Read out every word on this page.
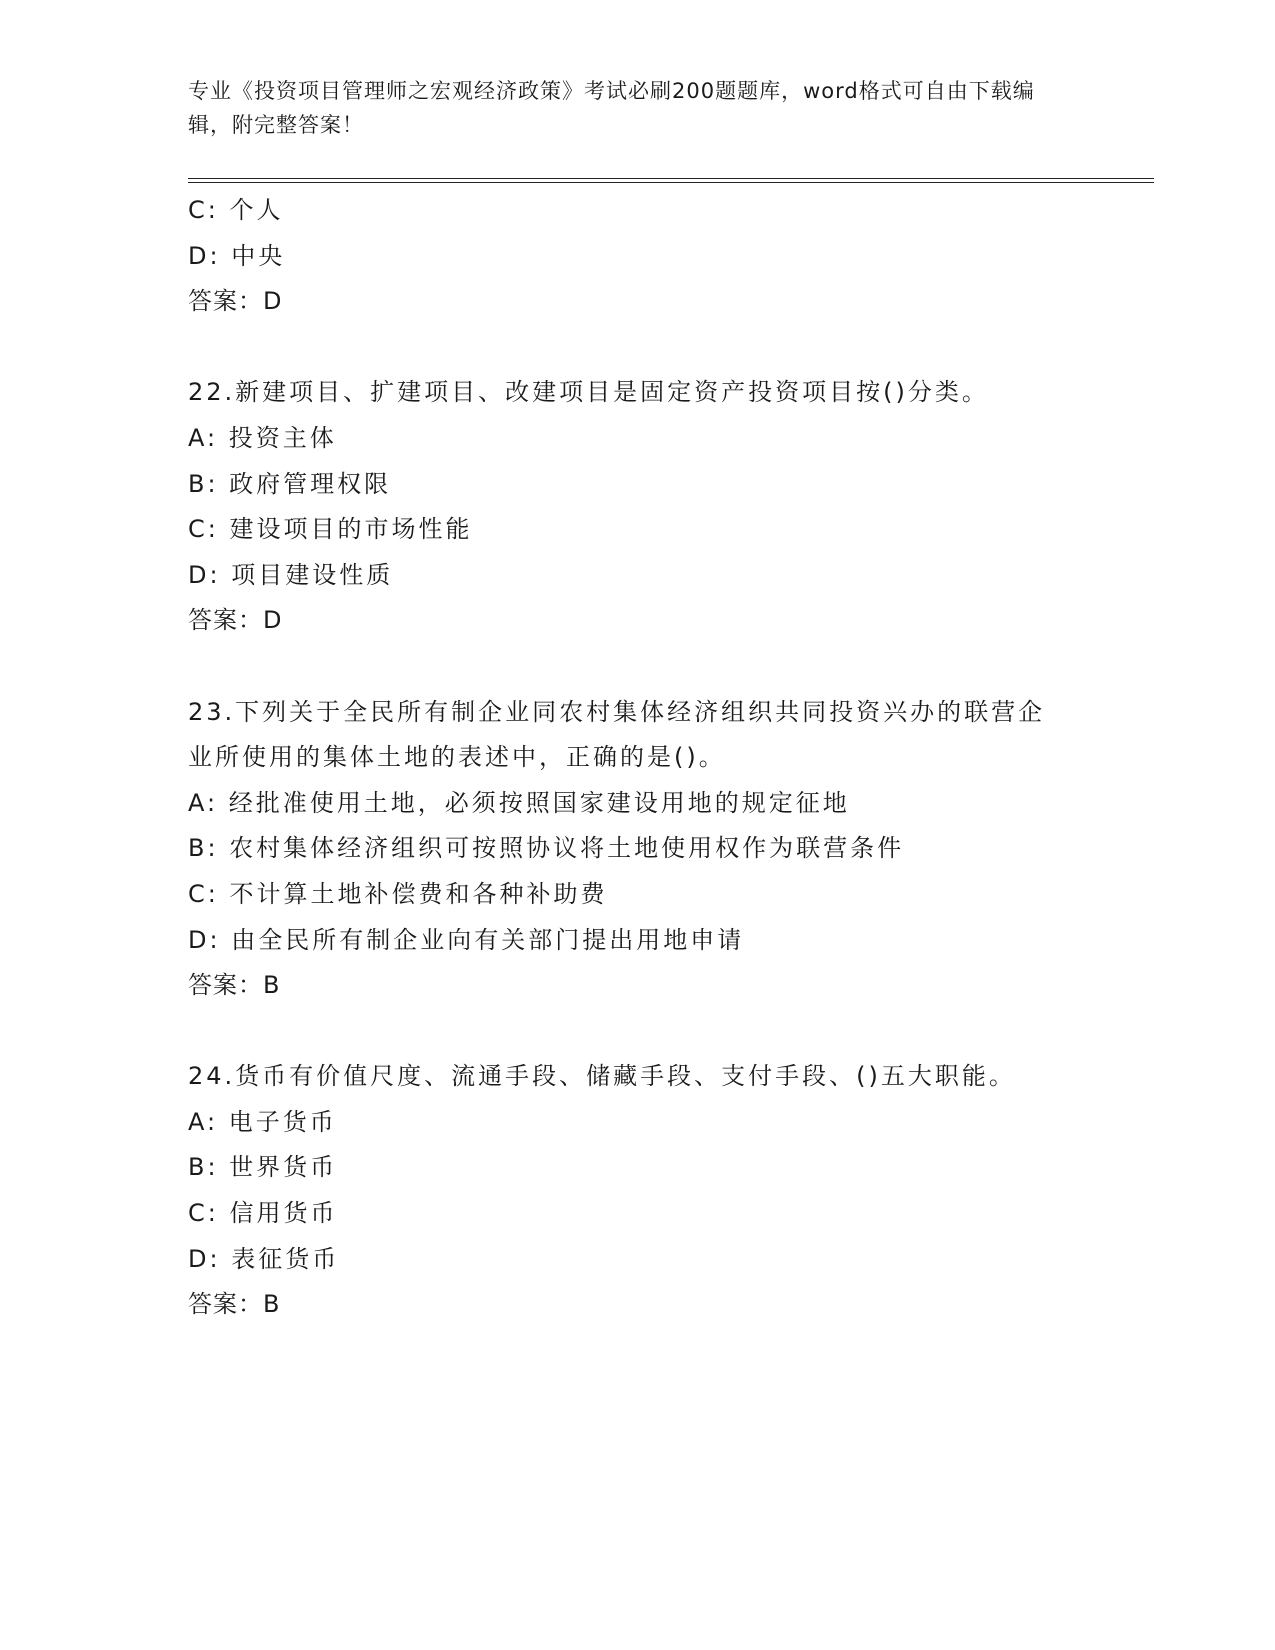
专业《投资项目管理师之宏观经济政策》考试必刷200题题库，word格式可自由下载编辑，附完整答案！
C: 个人
D: 中央
答案：D
22.新建项目、扩建项目、改建项目是固定资产投资项目按()分类。
A: 投资主体
B: 政府管理权限
C: 建设项目的市场性能
D: 项目建设性质
答案：D
23.下列关于全民所有制企业同农村集体经济组织共同投资兴办的联营企业所使用的集体土地的表述中，正确的是()。
A: 经批准使用土地，必须按照国家建设用地的规定征地
B: 农村集体经济组织可按照协议将土地使用权作为联营条件
C: 不计算土地补偿费和各种补助费
D: 由全民所有制企业向有关部门提出用地申请
答案：B
24.货币有价值尺度、流通手段、储藏手段、支付手段、()五大职能。
A: 电子货币
B: 世界货币
C: 信用货币
D: 表征货币
答案：B
